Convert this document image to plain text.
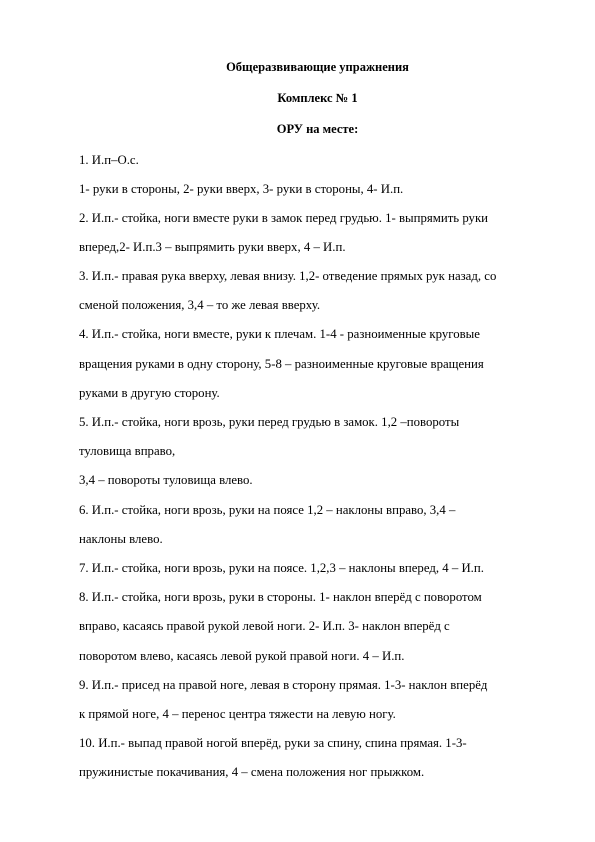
Общеразвивающие упражнения
Комплекс № 1
ОРУ на месте:
1. И.п–О.с.
1- руки в стороны, 2- руки вверх, 3- руки в стороны, 4- И.п.
2. И.п.- стойка, ноги вместе руки в замок перед грудью. 1- выпрямить руки
вперед,2- И.п.3 – выпрямить руки вверх, 4 – И.п.
3. И.п.- правая рука вверху, левая внизу. 1,2- отведение прямых рук назад, со
сменой положения, 3,4 – то же левая вверху.
4. И.п.- стойка, ноги вместе, руки к плечам. 1-4 - разноименные круговые
вращения руками в одну сторону, 5-8 – разноименные круговые вращения
руками в другую сторону.
5. И.п.- стойка, ноги врозь, руки перед грудью в замок. 1,2 –повороты
туловища вправо,
3,4 – повороты туловища влево.
6. И.п.- стойка, ноги врозь, руки на поясе 1,2 – наклоны вправо, 3,4 –
наклоны влево.
7. И.п.- стойка, ноги врозь, руки на поясе. 1,2,3 – наклоны вперед, 4 – И.п.
8. И.п.- стойка, ноги врозь, руки в стороны. 1- наклон вперёд с поворотом
вправо, касаясь правой рукой левой ноги. 2- И.п. 3- наклон вперёд с
поворотом влево, касаясь левой рукой правой ноги. 4 – И.п.
9. И.п.- присед на правой ноге, левая в сторону прямая. 1-3- наклон вперёд
к прямой ноге, 4 – перенос центра тяжести на левую ногу.
10. И.п.- выпад правой ногой вперёд, руки за спину, спина прямая. 1-3-
пружинистые покачивания, 4 – смена положения ног прыжком.
